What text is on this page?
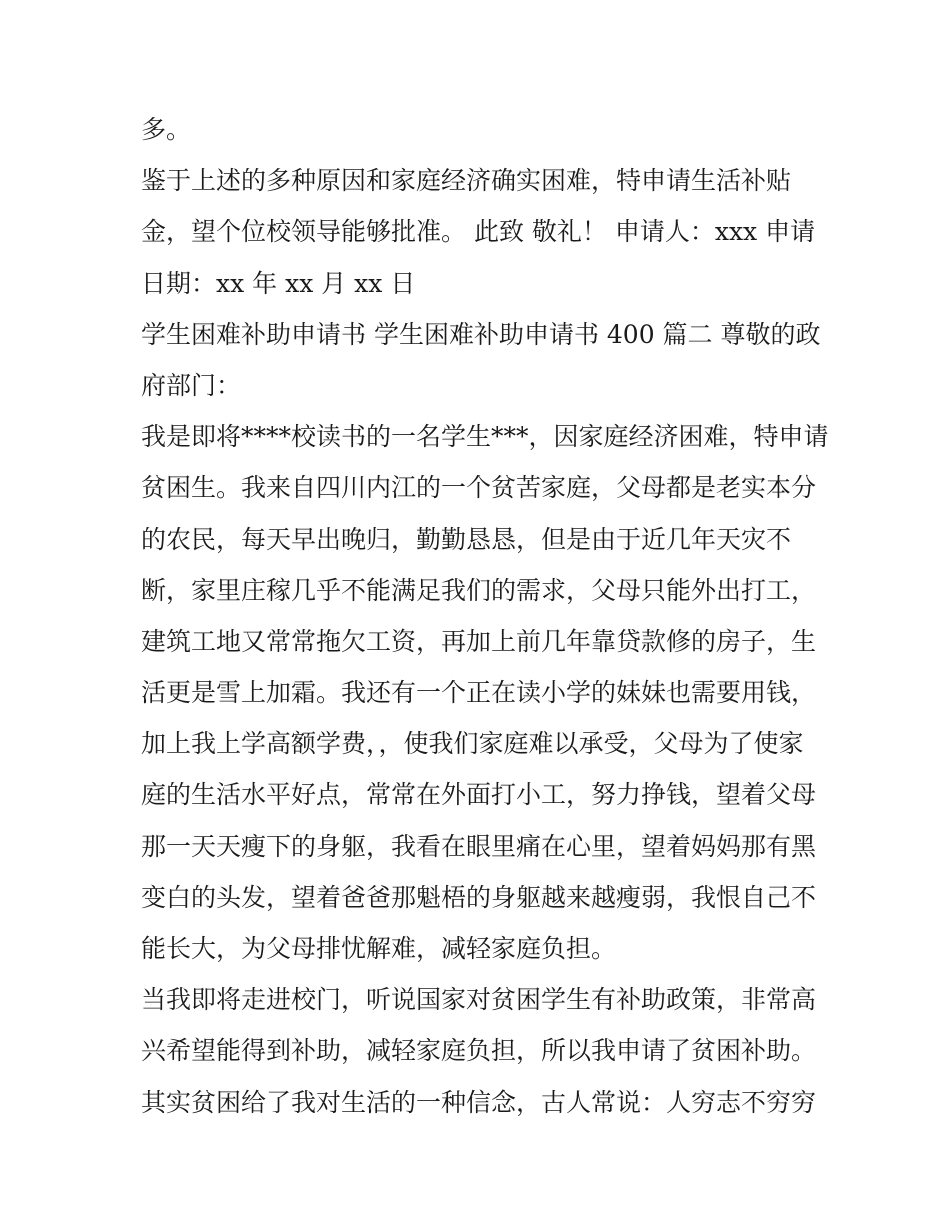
多。
鉴于上述的多种原因和家庭经济确实困难，特申请生活补贴
金，望个位校领导能够批准。 此致 敬礼！ 申请人：xxx 申请
日期：xx 年 xx 月 xx 日
学生困难补助申请书 学生困难补助申请书 400 篇二 尊敬的政
府部门：
我是即将****校读书的一名学生***，因家庭经济困难，特申请
贫困生。我来自四川内江的一个贫苦家庭，父母都是老实本分
的农民，每天早出晚归，勤勤恳恳，但是由于近几年天灾不
断，家里庄稼几乎不能满足我们的需求，父母只能外出打工，
建筑工地又常常拖欠工资，再加上前几年靠贷款修的房子，生
活更是雪上加霜。我还有一个正在读小学的妹妹也需要用钱，
加上我上学高额学费，，使我们家庭难以承受，父母为了使家
庭的生活水平好点，常常在外面打小工，努力挣钱，望着父母
那一天天瘦下的身躯，我看在眼里痛在心里，望着妈妈那有黑
变白的头发，望着爸爸那魁梧的身躯越来越瘦弱，我恨自己不
能长大，为父母排忧解难，减轻家庭负担。
当我即将走进校门，听说国家对贫困学生有补助政策，非常高
兴希望能得到补助，减轻家庭负担，所以我申请了贫困补助。
其实贫困给了我对生活的一种信念，古人常说：人穷志不穷穷
